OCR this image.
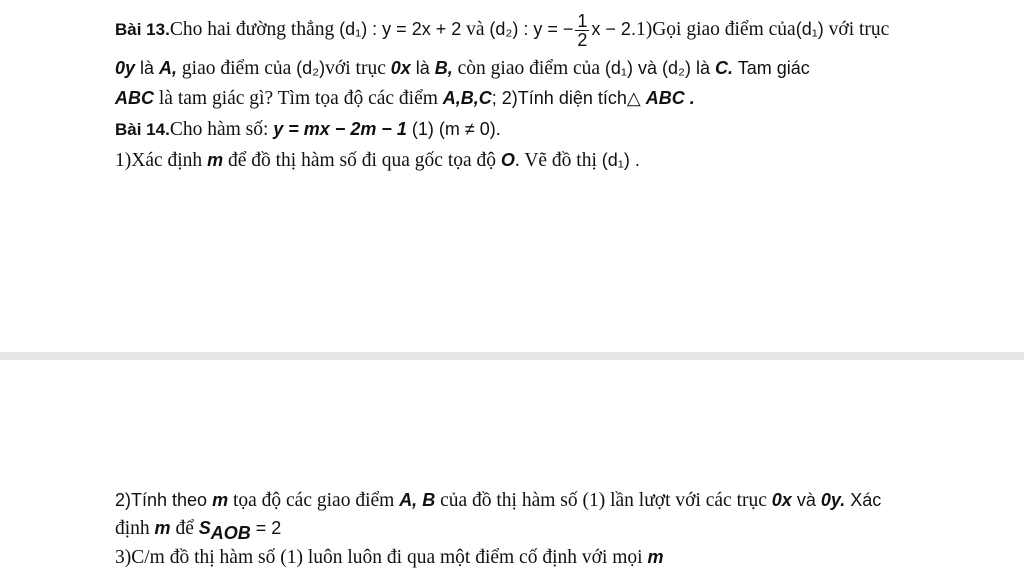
Bài 13.Cho hai đường thẳng (d₁) : y = 2x + 2 và (d₂) : y = − $\frac{1}{2}$ x − 2.1)Gọi giao điểm của(d₁) với trục
0y là A, giao điểm của (d₂)với trục 0x là B, còn giao điểm của (d₁) và (d₂) là C. Tam giác
ABC là tam giác gì? Tìm tọa độ các điểm A,B,C; 2)Tính diện tích△ ABC .
Bài 14.Cho hàm số: y = mx − 2m − 1 (1) (m ≠ 0).
1)Xác định m để đồ thị hàm số đi qua gốc tọa độ O. Vẽ đồ thị (d₁) .
2)Tính theo m tọa độ các giao điểm A, B của đồ thị hàm số (1) lần lượt với các trục 0x và 0y. Xác
định m để $S_{AOB} = 2$
3)C/m đồ thị hàm số (1) luôn luôn đi qua một điểm cố định với mọi m
